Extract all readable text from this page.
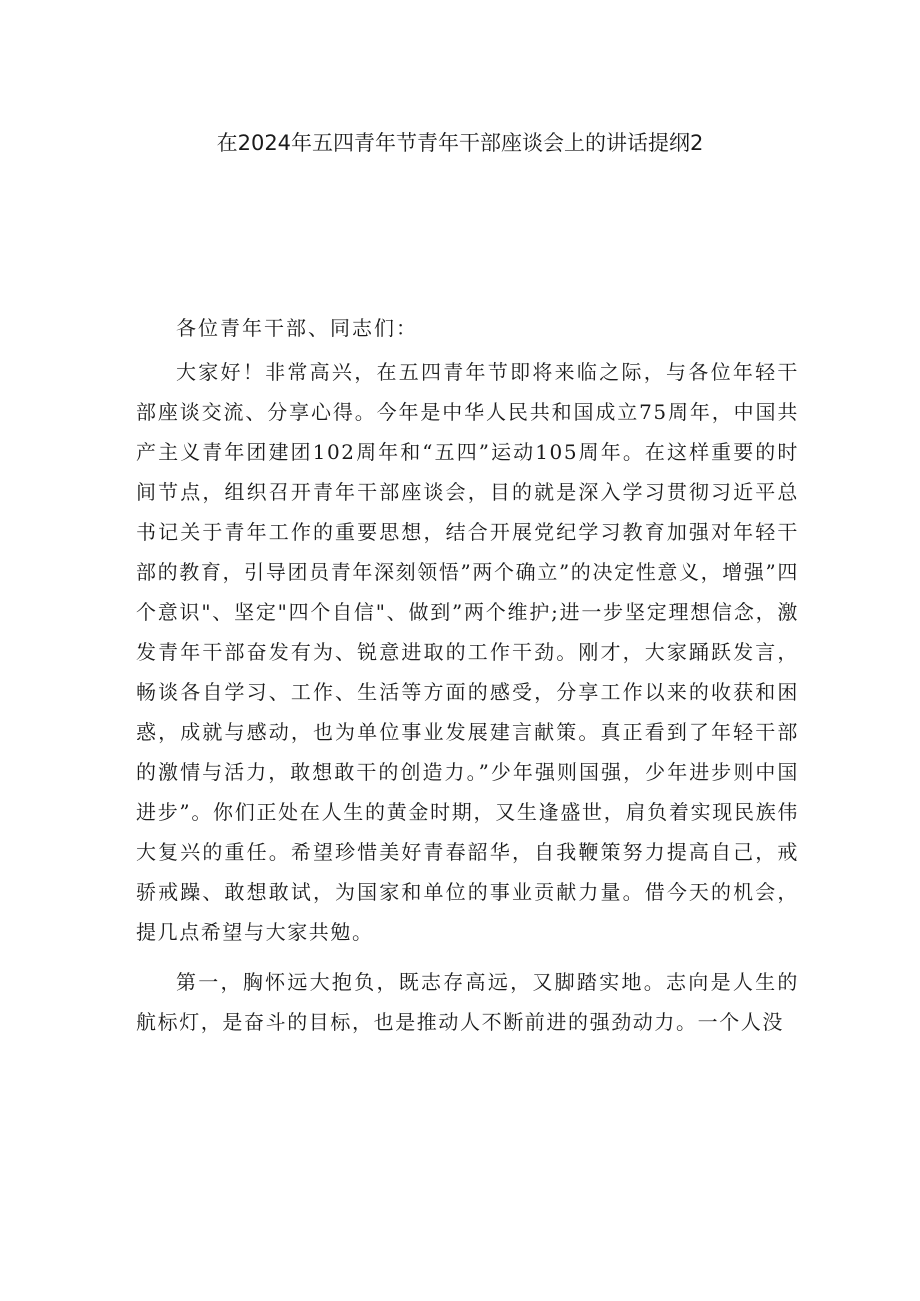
在2024年五四青年节青年干部座谈会上的讲话提纲2

各位青年干部、同志们：

大家好！非常高兴，在五四青年节即将来临之际，与各位年轻干部座谈交流、分享心得。今年是中华人民共和国成立75周年，中国共产主义青年团建团102周年和“五四”运动105周年。在这样重要的时间节点，组织召开青年干部座谈会，目的就是深入学习贯彻习近平总书记关于青年工作的重要思想，结合开展党纪学习教育加强对年轻干部的教育，引导团员青年深刻领悟”两个确立”的决定性意义，增强”四个意识"、坚定"四个自信"、做到”两个维护;进一步坚定理想信念，激发青年干部奋发有为、锐意进取的工作干劲。刚才，大家踊跃发言，畅谈各自学习、工作、生活等方面的感受，分享工作以来的收获和困惑，成就与感动，也为单位事业发展建言献策。真正看到了年轻干部的激情与活力，敢想敢干的创造力。”少年强则国强，少年进步则中国进步”。你们正处在人生的黄金时期，又生逢盛世，肩负着实现民族伟大复兴的重任。希望珍惜美好青春韶华，自我鞭策努力提高自己，戒骄戒躁、敢想敢试，为国家和单位的事业贡献力量。借今天的机会，提几点希望与大家共勉。

第一，胸怀远大抱负，既志存高远，又脚踏实地。志向是人生的航标灯，是奋斗的目标，也是推动人不断前进的强劲动力。一个人没
